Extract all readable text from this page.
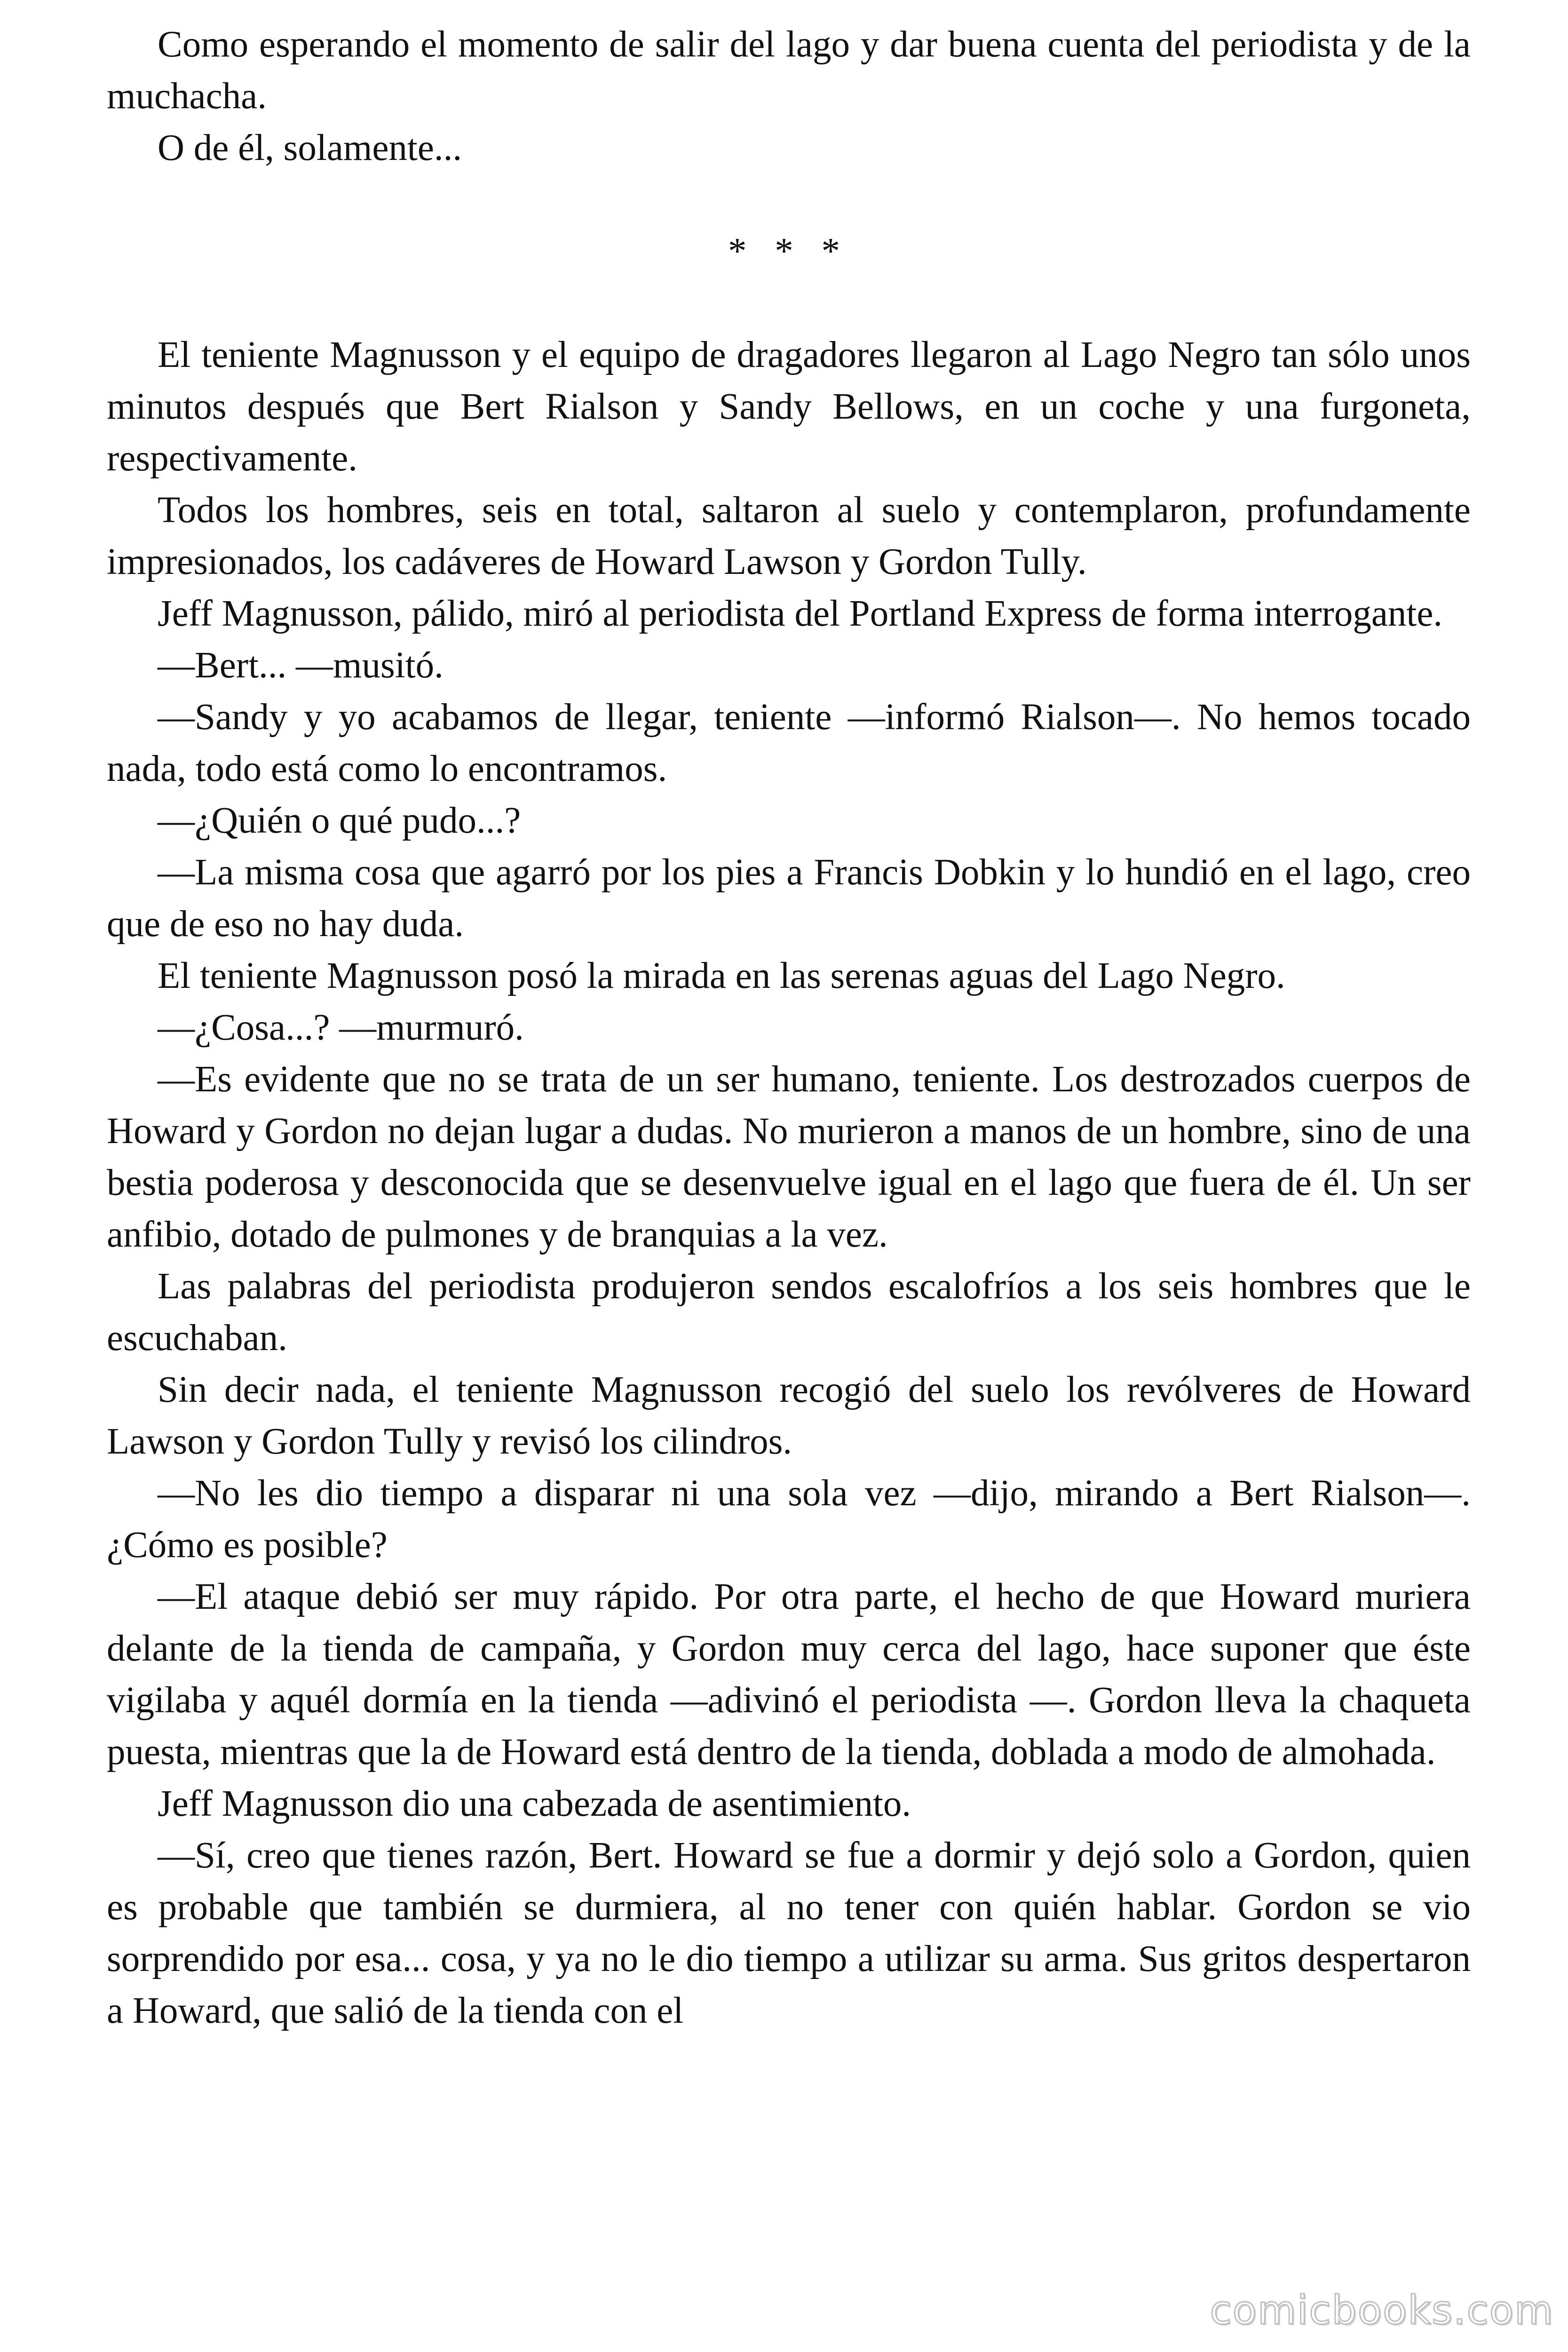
Como esperando el momento de salir del lago y dar buena cuenta del periodista y de la muchacha.

O de él, solamente...

* * *

El teniente Magnusson y el equipo de dragadores llegaron al Lago Negro tan sólo unos minutos después que Bert Rialson y Sandy Bellows, en un coche y una furgoneta, respectivamente.

Todos los hombres, seis en total, saltaron al suelo y contemplaron, profundamente impresionados, los cadáveres de Howard Lawson y Gordon Tully.

Jeff Magnusson, pálido, miró al periodista del Portland Express de forma interrogante.

—Bert... —musitó.

—Sandy y yo acabamos de llegar, teniente —informó Rialson—. No hemos tocado nada, todo está como lo encontramos.

—¿Quién o qué pudo...?

—La misma cosa que agarró por los pies a Francis Dobkin y lo hundió en el lago, creo que de eso no hay duda.

El teniente Magnusson posó la mirada en las serenas aguas del Lago Negro.

—¿Cosa...? —murmuró.

—Es evidente que no se trata de un ser humano, teniente. Los destrozados cuerpos de Howard y Gordon no dejan lugar a dudas. No murieron a manos de un hombre, sino de una bestia poderosa y desconocida que se desenvuelve igual en el lago que fuera de él. Un ser anfibio, dotado de pulmones y de branquias a la vez.

Las palabras del periodista produjeron sendos escalofríos a los seis hombres que le escuchaban.

Sin decir nada, el teniente Magnusson recogió del suelo los revólveres de Howard Lawson y Gordon Tully y revisó los cilindros.

—No les dio tiempo a disparar ni una sola vez —dijo, mirando a Bert Rialson—. ¿Cómo es posible?

—El ataque debió ser muy rápido. Por otra parte, el hecho de que Howard muriera delante de la tienda de campaña, y Gordon muy cerca del lago, hace suponer que éste vigilaba y aquél dormía en la tienda —adivinó el periodista —. Gordon lleva la chaqueta puesta, mientras que la de Howard está dentro de la tienda, doblada a modo de almohada.

Jeff Magnusson dio una cabezada de asentimiento.

—Sí, creo que tienes razón, Bert. Howard se fue a dormir y dejó solo a Gordon, quien es probable que también se durmiera, al no tener con quién hablar. Gordon se vio sorprendido por esa... cosa, y ya no le dio tiempo a utilizar su arma. Sus gritos despertaron a Howard, que salió de la tienda con el

comicbooks.com
